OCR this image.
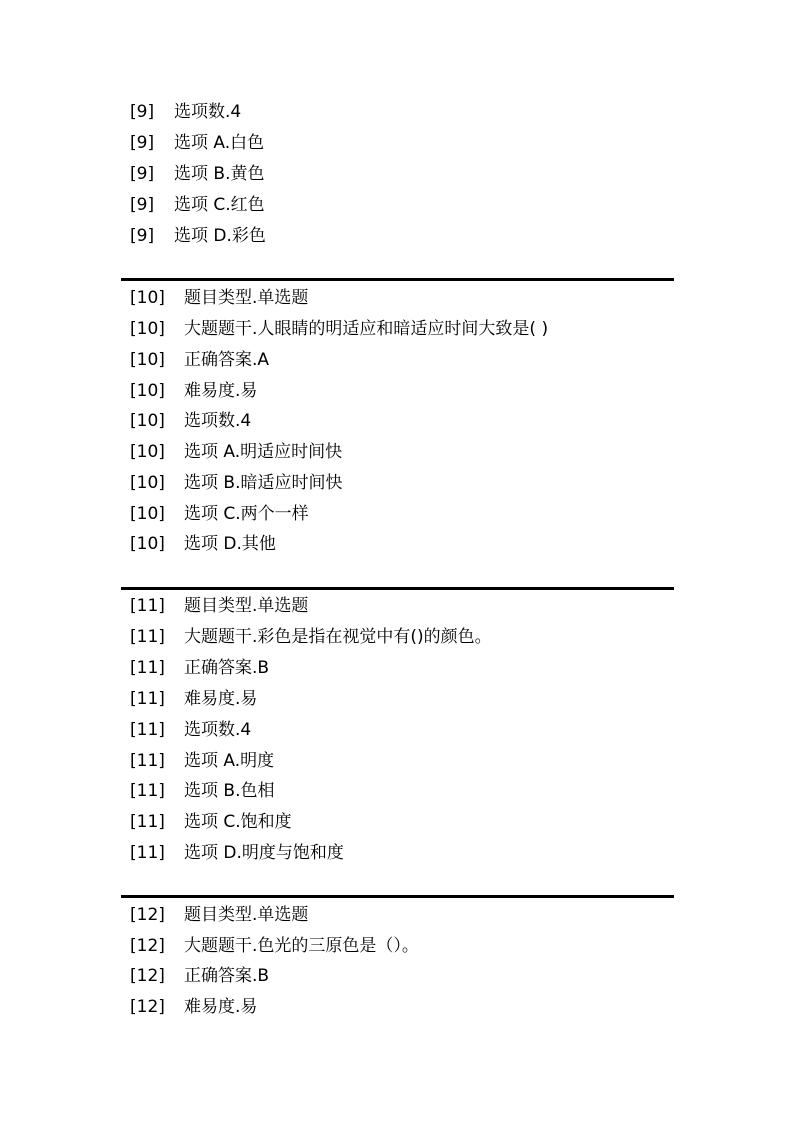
[9]	选项数.4
[9]	选项 A.白色
[9]	选项 B.黄色
[9]	选项 C.红色
[9]	选项 D.彩色
[10]	题目类型.单选题
[10]	大题题干.人眼睛的明适应和暗适应时间大致是( )
[10]	正确答案.A
[10]	难易度.易
[10]	选项数.4
[10]	选项 A.明适应时间快
[10]	选项 B.暗适应时间快
[10]	选项 C.两个一样
[10]	选项 D.其他
[11]	题目类型.单选题
[11]	大题题干.彩色是指在视觉中有()的颜色。
[11]	正确答案.B
[11]	难易度.易
[11]	选项数.4
[11]	选项 A.明度
[11]	选项 B.色相
[11]	选项 C.饱和度
[11]	选项 D.明度与饱和度
[12]	题目类型.单选题
[12]	大题题干.色光的三原色是（）。
[12]	正确答案.B
[12]	难易度.易
